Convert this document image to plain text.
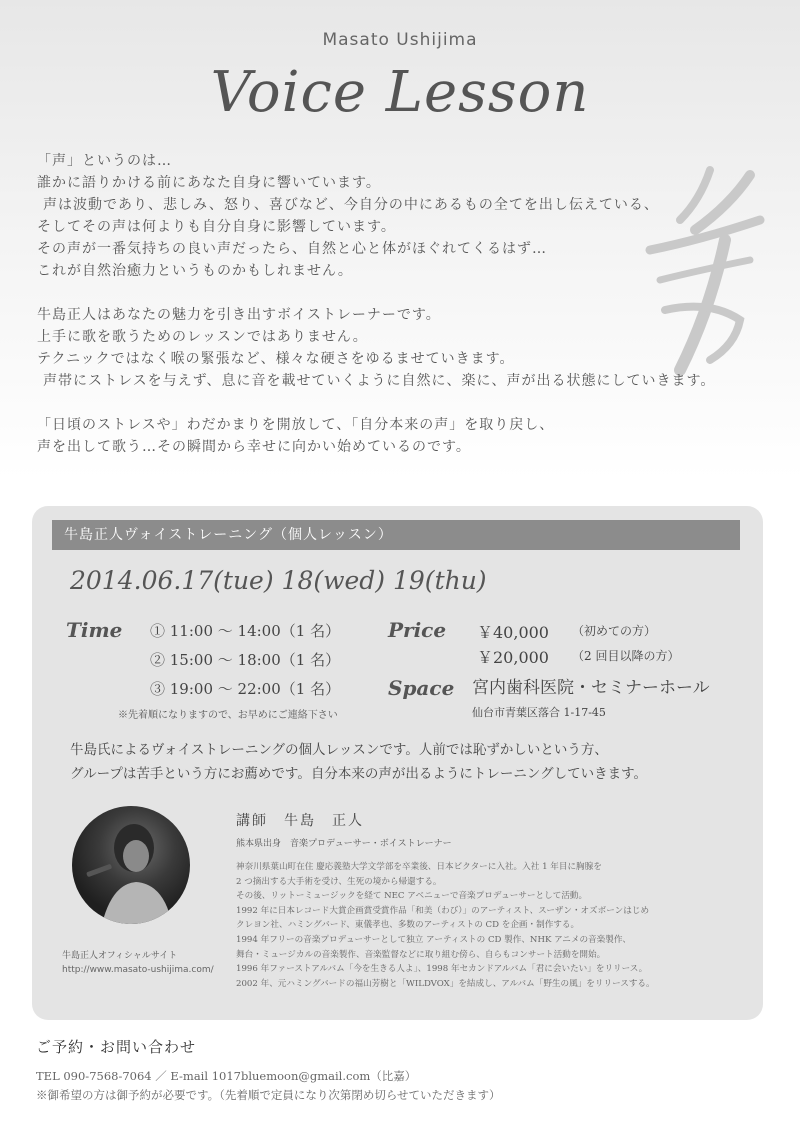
Masato Ushijima
Voice Lesson

「声」というのは…

誰かに語りかける前にあなた自身に響いています。

声は波動であり、悲しみ、怒り、喜びなど、今自分の中にあるもの全てを出し伝えている、

そしてその声は何よりも自分自身に影響しています。

その声が一番気持ちの良い声だったら、自然と心と体がほぐれてくるはず…

これが自然治癒力というものかもしれません。

牛島正人はあなたの魅力を引き出すボイストレーナーです。

上手に歌を歌うためのレッスンではありません。

テクニックではなく喉の緊張など、様々な硬さをゆるませていきます。

声帯にストレスを与えず、息に音を載せていくように自然に、楽に、声が出る状態にしていきます。

「日頃のストレスや」わだかまりを開放して、「自分本来の声」を取り戻し、

声を出して歌う…その瞬間から幸せに向かい始めているのです。

牛島正人ヴォイストレーニング（個人レッスン）
2014.06.17(tue) 18(wed) 19(thu)
Time ① 11:00 ～ 14:00（1 名）
② 15:00 ～ 18:00（1 名）
③ 19:00 ～ 22:00（1 名）
※先着順になりますので、お早めにご連絡下さい
Price ￥40,000 （初めての方）
￥20,000 （2 回目以降の方）
Space 宮内歯科医院・セミナーホール
仙台市青葉区落合 1-17-45

牛島氏によるヴォイストレーニングの個人レッスンです。人前では恥ずかしいという方、

グループは苦手という方にお薦めです。自分本来の声が出るようにトレーニングしていきます。

牛島正人オフィシャルサイト
http://www.masato-ushijima.com/
講師　牛島　正人
熊本県出身　音楽プロデューサー・ボイストレーナー

神奈川県葉山町在住 慶応義塾大学文学部を卒業後、日本ビクターに入社。入社 1 年目に胸腺を

2 つ摘出する大手術を受け、生死の境から帰還する。

その後、リットーミュージックを経て NEC アベニューで音楽プロデューサーとして活動。

1992 年に日本レコード大賞企画賞受賞作品「和美（わび）」のアーティスト、スーザン・オズボーンはじめ

クレヨン社、ハミングバード、東儀孝也、多数のアーティストの CD を企画・制作する。

1994 年フリーの音楽プロデューサーとして独立 アーティストの CD 製作、NHK アニメの音楽製作、

舞台・ミュージカルの音楽製作、音楽監督などに取り組む傍ら、自らもコンサート活動を開始。

1996 年ファーストアルバム「今を生きる人よ」、1998 年セカンドアルバム「君に会いたい」をリリース。

2002 年、元ハミングバードの福山芳樹と「WILDVOX」を結成し、アルバム「野生の風」をリリースする。

ご予約・お問い合わせ
TEL 090-7568-7064 ／ E-mail 1017bluemoon@gmail.com（比嘉）
※御希望の方は御予約が必要です。（先着順で定員になり次第閉め切らせていただきます）
